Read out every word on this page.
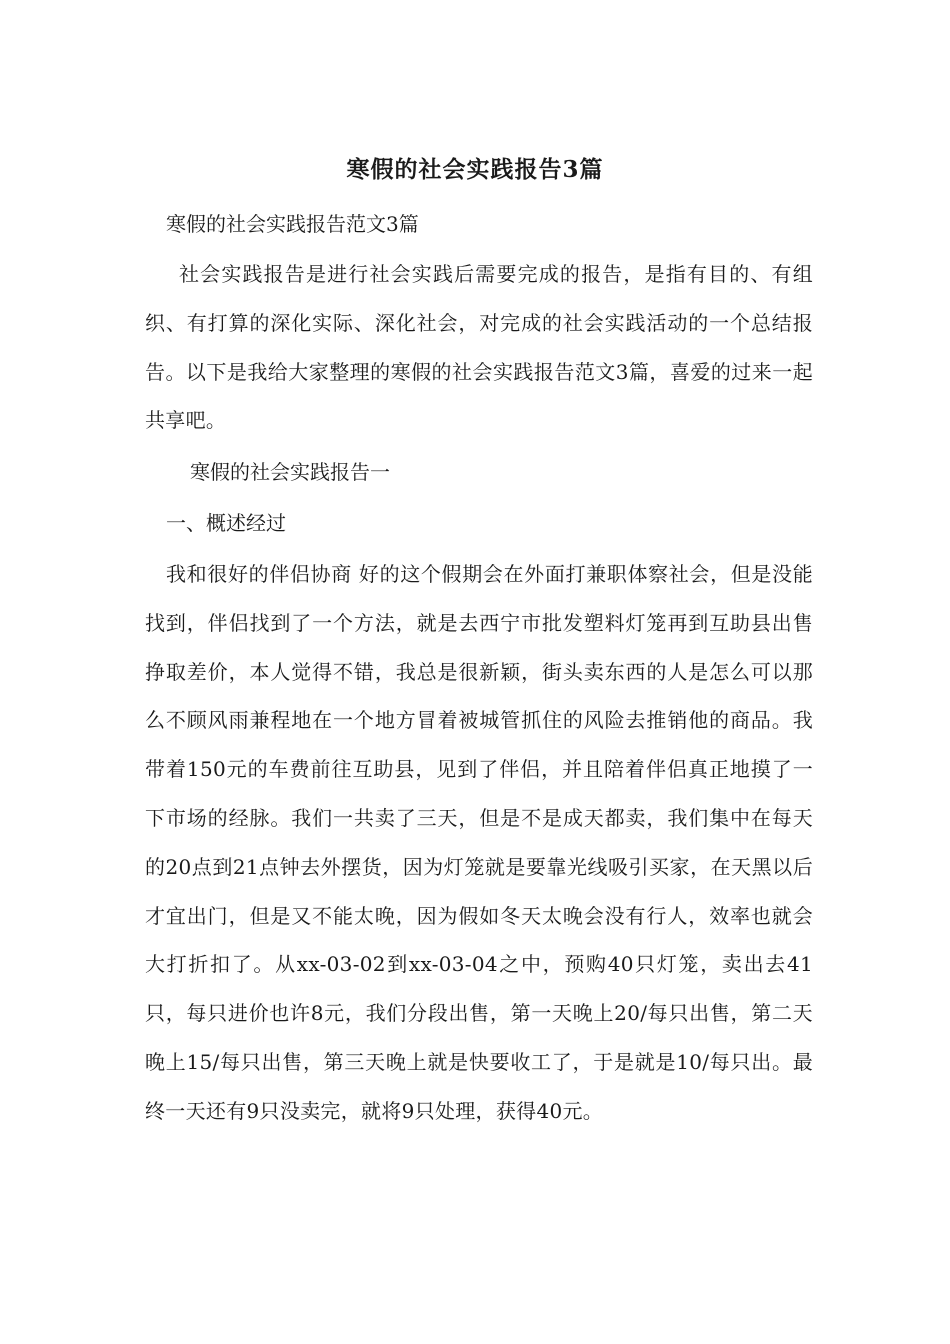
寒假的社会实践报告3篇
寒假的社会实践报告范文3篇

社会实践报告是进行社会实践后需要完成的报告，是指有目的、有组织、有打算的深化实际、深化社会，对完成的社会实践活动的一个总结报告。以下是我给大家整理的寒假的社会实践报告范文3篇，喜爱的过来一起共享吧。

寒假的社会实践报告一
一、概述经过

我和很好的伴侣协商 好的这个假期会在外面打兼职体察社会，但是没能找到，伴侣找到了一个方法，就是去西宁市批发塑料灯笼再到互助县出售挣取差价，本人觉得不错，我总是很新颖，街头卖东西的人是怎么可以那么不顾风雨兼程地在一个地方冒着被城管抓住的风险去推销他的商品。我带着150元的车费前往互助县，见到了伴侣，并且陪着伴侣真正地摸了一下市场的经脉。我们一共卖了三天，但是不是成天都卖，我们集中在每天的20点到21点钟去外摆货，因为灯笼就是要靠光线吸引买家，在天黑以后才宜出门，但是又不能太晚，因为假如冬天太晚会没有行人，效率也就会大打折扣了。从xx-03-02到xx-03-04之中，预购40只灯笼，卖出去41只，每只进价也许8元，我们分段出售，第一天晚上20/每只出售，第二天晚上15/每只出售，第三天晚上就是快要收工了，于是就是10/每只出。最终一天还有9只没卖完，就将9只处理，获得40元。
